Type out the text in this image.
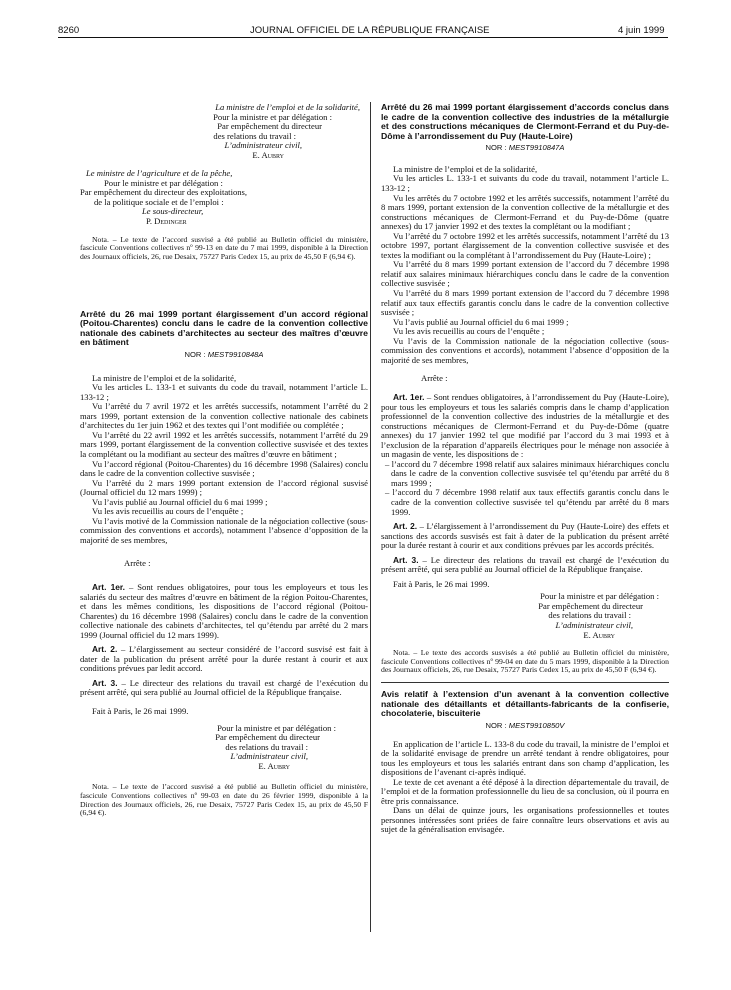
8260	JOURNAL OFFICIEL DE LA RÉPUBLIQUE FRANÇAISE	4 juin 1999

La ministre de l’emploi et de la solidarité,

Pour la ministre et par délégation :

Par empêchement du directeur

des relations du travail :

L’administrateur civil,

E. Aubry

Le ministre de l’agriculture et de la pêche,

Pour le ministre et par délégation :

Par empêchement du directeur des exploitations,

de la politique sociale et de l’emploi :

Le sous-directeur,

P. Dedinger

Nota. – Le texte de l’accord susvisé a été publié au Bulletin officiel du ministère, fascicule Conventions collectives nº 99-13 en date du 7 mai 1999, disponible à la Direction des Journaux officiels, 26, rue Desaix, 75727 Paris Cedex 15, au prix de 45,50 F (6,94 €).

Arrêté du 26 mai 1999 portant élargissement d’un accord régional (Poitou-Charentes) conclu dans le cadre de la convention collective nationale des cabinets d’architectes au secteur des maîtres d’œuvre en bâtiment

NOR : MEST9910848A

La ministre de l’emploi et de la solidarité,

Vu les articles L. 133-1 et suivants du code du travail, notamment l’article L. 133-12 ;

Vu l’arrêté du 7 avril 1972 et les arrêtés successifs, notamment l’arrêté du 2 mars 1999, portant extension de la convention collective nationale des cabinets d’architectes du 1er juin 1962 et des textes qui l’ont modifiée ou complétée ;

Vu l’arrêté du 22 avril 1992 et les arrêtés successifs, notamment l’arrêté du 29 mars 1999, portant élargissement de la convention collective susvisée et des textes la complétant ou la modifiant au secteur des maîtres d’œuvre en bâtiment ;

Vu l’accord régional (Poitou-Charentes) du 16 décembre 1998 (Salaires) conclu dans le cadre de la convention collective susvisée ;

Vu l’arrêté du 2 mars 1999 portant extension de l’accord régional susvisé (Journal officiel du 12 mars 1999) ;

Vu l’avis publié au Journal officiel du 6 mai 1999 ;

Vu les avis recueillis au cours de l’enquête ;

Vu l’avis motivé de la Commission nationale de la négociation collective (sous-commission des conventions et accords), notamment l’absence d’opposition de la majorité de ses membres,

Arrête :

Art. 1er. – Sont rendues obligatoires, pour tous les employeurs et tous les salariés du secteur des maîtres d’œuvre en bâtiment de la région Poitou-Charentes, et dans les mêmes conditions, les dispositions de l’accord régional (Poitou-Charentes) du 16 décembre 1998 (Salaires) conclu dans le cadre de la convention collective nationale des cabinets d’architectes, tel qu’étendu par arrêté du 2 mars 1999 (Journal officiel du 12 mars 1999).

Art. 2. – L’élargissement au secteur considéré de l’accord susvisé est fait à dater de la publication du présent arrêté pour la durée restant à courir et aux conditions prévues par ledit accord.

Art. 3. – Le directeur des relations du travail est chargé de l’exécution du présent arrêté, qui sera publié au Journal officiel de la République française.

Fait à Paris, le 26 mai 1999.

Pour la ministre et par délégation :

Par empêchement du directeur

des relations du travail :

L’administrateur civil,

E. Aubry

Nota. – Le texte de l’accord susvisé a été publié au Bulletin officiel du ministère, fascicule Conventions collectives nº 99-03 en date du 26 février 1999, disponible à la Direction des Journaux officiels, 26, rue Desaix, 75727 Paris Cedex 15, au prix de 45,50 F (6,94 €).

Arrêté du 26 mai 1999 portant élargissement d’accords conclus dans le cadre de la convention collective des industries de la métallurgie et des constructions mécaniques de Clermont-Ferrand et du Puy-de-Dôme à l’arrondissement du Puy (Haute-Loire)

NOR : MEST9910847A

La ministre de l’emploi et de la solidarité,

Vu les articles L. 133-1 et suivants du code du travail, notamment l’article L. 133-12 ;

Vu les arrêtés du 7 octobre 1992 et les arrêtés successifs, notamment l’arrêté du 8 mars 1999, portant extension de la convention collective de la métallurgie et des constructions mécaniques de Clermont-Ferrand et du Puy-de-Dôme (quatre annexes) du 17 janvier 1992 et des textes la complétant ou la modifiant ;

Vu l’arrêté du 7 octobre 1992 et les arrêtés successifs, notamment l’arrêté du 13 octobre 1997, portant élargissement de la convention collective susvisée et des textes la modifiant ou la complétant à l’arrondissement du Puy (Haute-Loire) ;

Vu l’arrêté du 8 mars 1999 portant extension de l’accord du 7 décembre 1998 relatif aux salaires minimaux hiérarchiques conclu dans le cadre de la convention collective susvisée ;

Vu l’arrêté du 8 mars 1999 portant extension de l’accord du 7 décembre 1998 relatif aux taux effectifs garantis conclu dans le cadre de la convention collective susvisée ;

Vu l’avis publié au Journal officiel du 6 mai 1999 ;

Vu les avis recueillis au cours de l’enquête ;

Vu l’avis de la Commission nationale de la négociation collective (sous-commission des conventions et accords), notamment l’absence d’opposition de la majorité de ses membres,

Arrête :

Art. 1er. – Sont rendues obligatoires, à l’arrondissement du Puy (Haute-Loire), pour tous les employeurs et tous les salariés compris dans le champ d’application professionnel de la convention collective des industries de la métallurgie et des constructions mécaniques de Clermont-Ferrand et du Puy-de-Dôme (quatre annexes) du 17 janvier 1992 tel que modifié par l’accord du 3 mai 1993 et à l’exclusion de la réparation d’appareils électriques pour le ménage non associée à un magasin de vente, les dispositions de :

– l’accord du 7 décembre 1998 relatif aux salaires minimaux hiérarchiques conclu dans le cadre de la convention collective susvisée tel qu’étendu par arrêté du 8 mars 1999 ;

– l’accord du 7 décembre 1998 relatif aux taux effectifs garantis conclu dans le cadre de la convention collective susvisée tel qu’étendu par arrêté du 8 mars 1999.

Art. 2. – L’élargissement à l’arrondissement du Puy (Haute-Loire) des effets et sanctions des accords susvisés est fait à dater de la publication du présent arrêté pour la durée restant à courir et aux conditions prévues par les accords précités.

Art. 3. – Le directeur des relations du travail est chargé de l’exécution du présent arrêté, qui sera publié au Journal officiel de la République française.

Fait à Paris, le 26 mai 1999.

Pour la ministre et par délégation :

Par empêchement du directeur

des relations du travail :

L’administrateur civil,

E. Aubry

Nota. – Le texte des accords susvisés a été publié au Bulletin officiel du ministère, fascicule Conventions collectives nº 99-04 en date du 5 mars 1999, disponible à la Direction des Journaux officiels, 26, rue Desaix, 75727 Paris Cedex 15, au prix de 45,50 F (6,94 €).

Avis relatif à l’extension d’un avenant à la convention collective nationale des détaillants et détaillants-fabricants de la confiserie, chocolaterie, biscuiterie

NOR : MEST9910850V

En application de l’article L. 133-8 du code du travail, la ministre de l’emploi et de la solidarité envisage de prendre un arrêté tendant à rendre obligatoires, pour tous les employeurs et tous les salariés entrant dans son champ d’application, les dispositions de l’avenant ci-après indiqué.

Le texte de cet avenant a été déposé à la direction départementale du travail, de l’emploi et de la formation professionnelle du lieu de sa conclusion, où il pourra en être pris connaissance.

Dans un délai de quinze jours, les organisations professionnelles et toutes personnes intéressées sont priées de faire connaître leurs observations et avis au sujet de la généralisation envisagée.
